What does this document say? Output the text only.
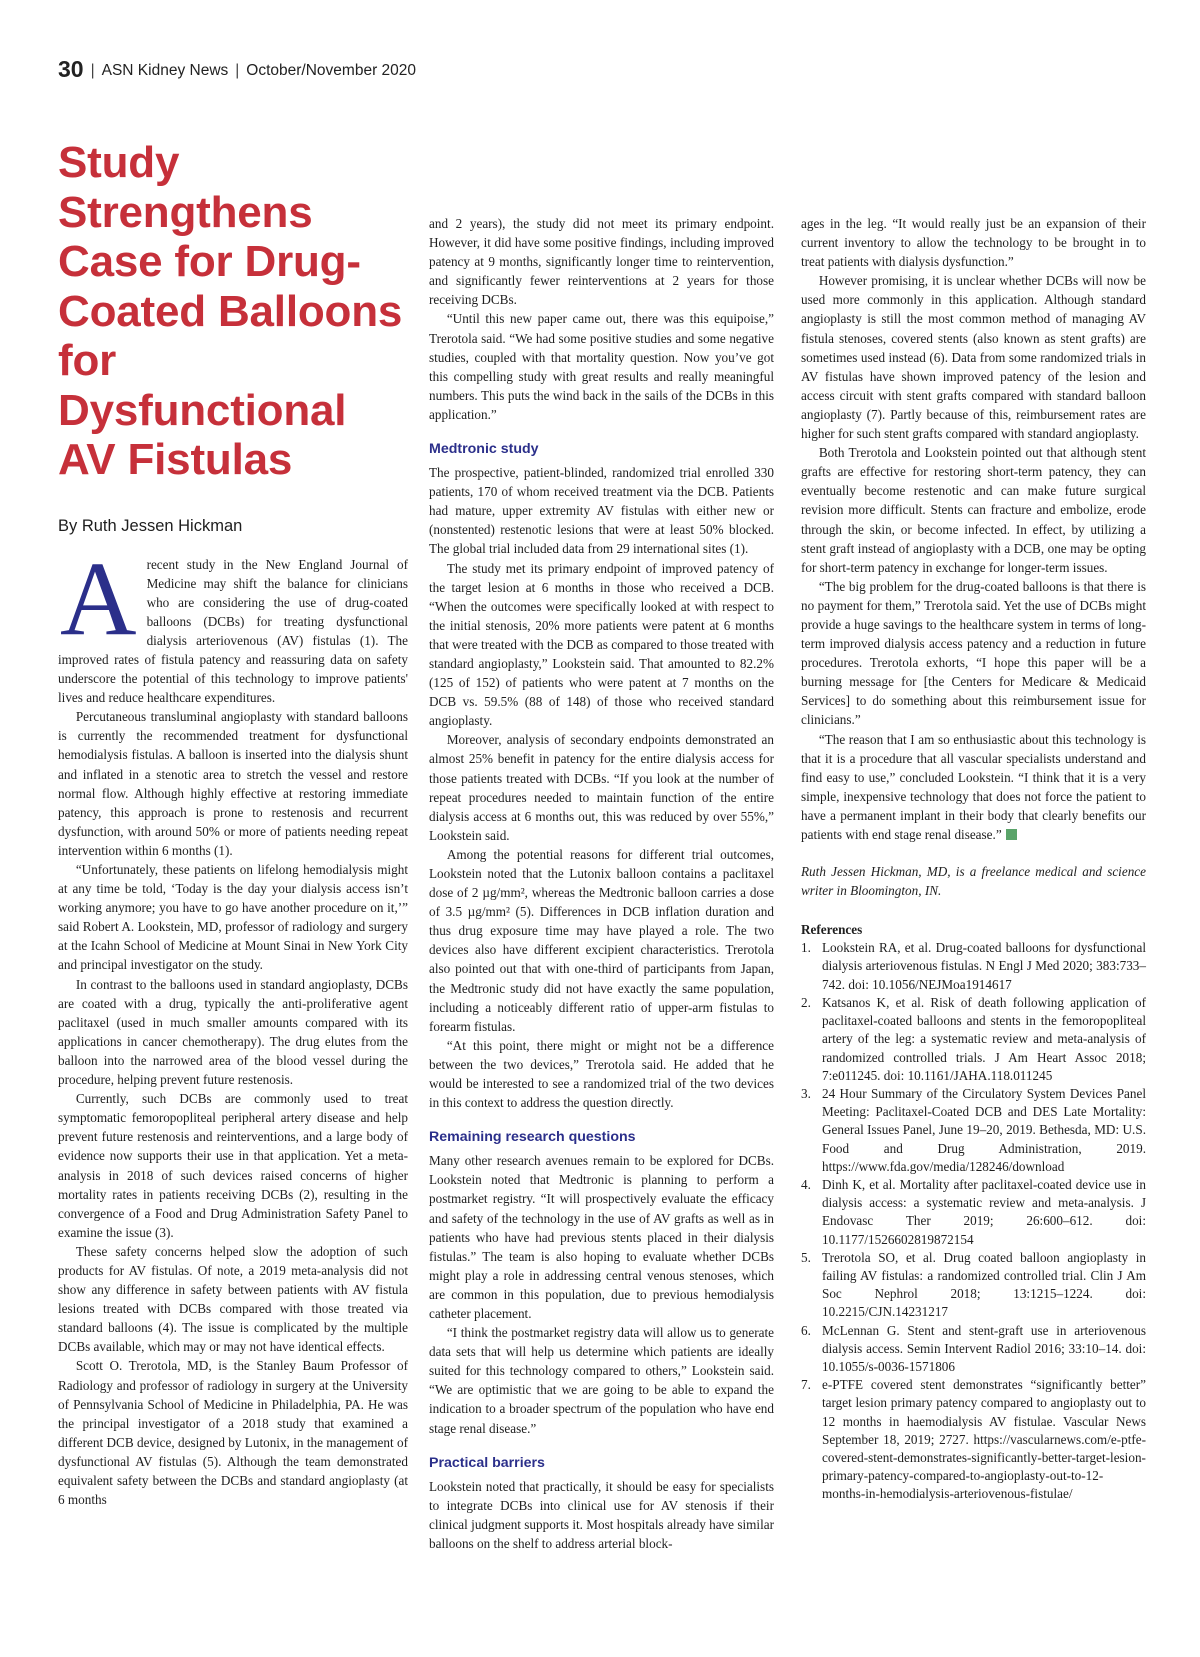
30 | ASN Kidney News | October/November 2020
Study Strengthens Case for Drug-Coated Balloons for Dysfunctional AV Fistulas
By Ruth Jessen Hickman

Arecent study in the New England Journal of Medicine may shift the balance for clinicians who are considering the use of drug-coated balloons (DCBs) for treating dysfunctional dialysis arteriovenous (AV) fistulas (1). The improved rates of fistula patency and reassuring data on safety underscore the potential of this technology to improve patients' lives and reduce healthcare expenditures.

Percutaneous transluminal angioplasty with standard balloons is currently the recommended treatment for dysfunctional hemodialysis fistulas. A balloon is inserted into the dialysis shunt and inflated in a stenotic area to stretch the vessel and restore normal flow. Although highly effective at restoring immediate patency, this approach is prone to restenosis and recurrent dysfunction, with around 50% or more of patients needing repeat intervention within 6 months (1).

“Unfortunately, these patients on lifelong hemodialysis might at any time be told, ‘Today is the day your dialysis access isn’t working anymore; you have to go have another procedure on it,’” said Robert A. Lookstein, MD, professor of radiology and surgery at the Icahn School of Medicine at Mount Sinai in New York City and principal investigator on the study.

In contrast to the balloons used in standard angioplasty, DCBs are coated with a drug, typically the anti-proliferative agent paclitaxel (used in much smaller amounts compared with its applications in cancer chemotherapy). The drug elutes from the balloon into the narrowed area of the blood vessel during the procedure, helping prevent future restenosis.

Currently, such DCBs are commonly used to treat symptomatic femoropopliteal peripheral artery disease and help prevent future restenosis and reinterventions, and a large body of evidence now supports their use in that application. Yet a meta-analysis in 2018 of such devices raised concerns of higher mortality rates in patients receiving DCBs (2), resulting in the convergence of a Food and Drug Administration Safety Panel to examine the issue (3).

These safety concerns helped slow the adoption of such products for AV fistulas. Of note, a 2019 meta-analysis did not show any difference in safety between patients with AV fistula lesions treated with DCBs compared with those treated via standard balloons (4). The issue is complicated by the multiple DCBs available, which may or may not have identical effects.

Scott O. Trerotola, MD, is the Stanley Baum Professor of Radiology and professor of radiology in surgery at the University of Pennsylvania School of Medicine in Philadelphia, PA. He was the principal investigator of a 2018 study that examined a different DCB device, designed by Lutonix, in the management of dysfunctional AV fistulas (5). Although the team demonstrated equivalent safety between the DCBs and standard angioplasty (at 6 months

and 2 years), the study did not meet its primary endpoint. However, it did have some positive findings, including improved patency at 9 months, significantly longer time to reintervention, and significantly fewer reinterventions at 2 years for those receiving DCBs.

“Until this new paper came out, there was this equipoise,” Trerotola said. “We had some positive studies and some negative studies, coupled with that mortality question. Now you’ve got this compelling study with great results and really meaningful numbers. This puts the wind back in the sails of the DCBs in this application.”

Medtronic study

The prospective, patient-blinded, randomized trial enrolled 330 patients, 170 of whom received treatment via the DCB. Patients had mature, upper extremity AV fistulas with either new or (nonstented) restenotic lesions that were at least 50% blocked. The global trial included data from 29 international sites (1).

The study met its primary endpoint of improved patency of the target lesion at 6 months in those who received a DCB. “When the outcomes were specifically looked at with respect to the initial stenosis, 20% more patients were patent at 6 months that were treated with the DCB as compared to those treated with standard angioplasty,” Lookstein said. That amounted to 82.2% (125 of 152) of patients who were patent at 7 months on the DCB vs. 59.5% (88 of 148) of those who received standard angioplasty.

Moreover, analysis of secondary endpoints demonstrated an almost 25% benefit in patency for the entire dialysis access for those patients treated with DCBs. “If you look at the number of repeat procedures needed to maintain function of the entire dialysis access at 6 months out, this was reduced by over 55%,” Lookstein said.

Among the potential reasons for different trial outcomes, Lookstein noted that the Lutonix balloon contains a paclitaxel dose of 2 µg/mm², whereas the Medtronic balloon carries a dose of 3.5 µg/mm² (5). Differences in DCB inflation duration and thus drug exposure time may have played a role. The two devices also have different excipient characteristics. Trerotola also pointed out that with one-third of participants from Japan, the Medtronic study did not have exactly the same population, including a noticeably different ratio of upper-arm fistulas to forearm fistulas.

“At this point, there might or might not be a difference between the two devices,” Trerotola said. He added that he would be interested to see a randomized trial of the two devices in this context to address the question directly.

Remaining research questions

Many other research avenues remain to be explored for DCBs. Lookstein noted that Medtronic is planning to perform a postmarket registry. “It will prospectively evaluate the efficacy and safety of the technology in the use of AV grafts as well as in patients who have had previous stents placed in their dialysis fistulas.” The team is also hoping to evaluate whether DCBs might play a role in addressing central venous stenoses, which are common in this population, due to previous hemodialysis catheter placement.

“I think the postmarket registry data will allow us to generate data sets that will help us determine which patients are ideally suited for this technology compared to others,” Lookstein said. “We are optimistic that we are going to be able to expand the indication to a broader spectrum of the population who have end stage renal disease.”

Practical barriers

Lookstein noted that practically, it should be easy for specialists to integrate DCBs into clinical use for AV stenosis if their clinical judgment supports it. Most hospitals already have similar balloons on the shelf to address arterial block-

ages in the leg. “It would really just be an expansion of their current inventory to allow the technology to be brought in to treat patients with dialysis dysfunction.”

However promising, it is unclear whether DCBs will now be used more commonly in this application. Although standard angioplasty is still the most common method of managing AV fistula stenoses, covered stents (also known as stent grafts) are sometimes used instead (6). Data from some randomized trials in AV fistulas have shown improved patency of the lesion and access circuit with stent grafts compared with standard balloon angioplasty (7). Partly because of this, reimbursement rates are higher for such stent grafts compared with standard angioplasty.

Both Trerotola and Lookstein pointed out that although stent grafts are effective for restoring short-term patency, they can eventually become restenotic and can make future surgical revision more difficult. Stents can fracture and embolize, erode through the skin, or become infected. In effect, by utilizing a stent graft instead of angioplasty with a DCB, one may be opting for short-term patency in exchange for longer-term issues.

“The big problem for the drug-coated balloons is that there is no payment for them,” Trerotola said. Yet the use of DCBs might provide a huge savings to the healthcare system in terms of long-term improved dialysis access patency and a reduction in future procedures. Trerotola exhorts, “I hope this paper will be a burning message for [the Centers for Medicare & Medicaid Services] to do something about this reimbursement issue for clinicians.”

“The reason that I am so enthusiastic about this technology is that it is a procedure that all vascular specialists understand and find easy to use,” concluded Lookstein. “I think that it is a very simple, inexpensive technology that does not force the patient to have a permanent implant in their body that clearly benefits our patients with end stage renal disease.”

Ruth Jessen Hickman, MD, is a freelance medical and science writer in Bloomington, IN.

References
1. Lookstein RA, et al. Drug-coated balloons for dysfunctional dialysis arteriovenous fistulas. N Engl J Med 2020; 383:733–742. doi: 10.1056/NEJMoa1914617
2. Katsanos K, et al. Risk of death following application of paclitaxel-coated balloons and stents in the femoropopliteal artery of the leg: a systematic review and meta-analysis of randomized controlled trials. J Am Heart Assoc 2018; 7:e011245. doi: 10.1161/JAHA.118.011245
3. 24 Hour Summary of the Circulatory System Devices Panel Meeting: Paclitaxel-Coated DCB and DES Late Mortality: General Issues Panel, June 19–20, 2019. Bethesda, MD: U.S. Food and Drug Administration, 2019. https://www.fda.gov/media/128246/download
4. Dinh K, et al. Mortality after paclitaxel-coated device use in dialysis access: a systematic review and meta-analysis. J Endovasc Ther 2019; 26:600–612. doi: 10.1177/1526602819872154
5. Trerotola SO, et al. Drug coated balloon angioplasty in failing AV fistulas: a randomized controlled trial. Clin J Am Soc Nephrol 2018; 13:1215–1224. doi: 10.2215/CJN.14231217
6. McLennan G. Stent and stent-graft use in arteriovenous dialysis access. Semin Intervent Radiol 2016; 33:10–14. doi: 10.1055/s-0036-1571806
7. e-PTFE covered stent demonstrates “significantly better” target lesion primary patency compared to angioplasty out to 12 months in haemodialysis AV fistulae. Vascular News September 18, 2019; 2727. https://vascularnews.com/e-ptfe-covered-stent-demonstrates-significantly-better-target-lesion-primary-patency-compared-to-angioplasty-out-to-12-months-in-hemodialysis-arteriovenous-fistulae/
